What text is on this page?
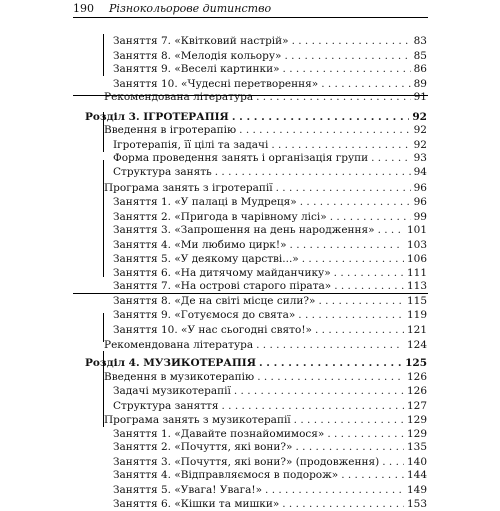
190 Різнокольорове дитинство
Заняття 7. «Квітковий настрій» . . .	83
Заняття 8. «Мелодія кольору» . . .	85
Заняття 9. «Веселі картинки» . . .	86
Заняття 10. «Чудесні перетворення» . . .	89
Рекомендована література . . .	91
Розділ 3. ІГРОТЕРАПІЯ . . .	92
Введення в ігротерапію . . .	92
Ігротерапія, її цілі та задачі . . .	92
Форма проведення занять і організація групи . . .	93
Структура занять . . .	94
Програма занять з ігротерапії . . .	96
Заняття 1. «У палаці в Мудреця» . . .	96
Заняття 2. «Пригода в чарівному лісі» . . .	99
Заняття 3. «Запрошення на день народження» . . .	101
Заняття 4. «Ми любимо цирк!» . . .	103
Заняття 5. «У деякому царстві...» . . .	106
Заняття 6. «На дитячому майданчику» . . .	111
Заняття 7. «На острові старого пірата» . . .	113
Заняття 8. «Де на світі місце сили?» . . .	115
Заняття 9. «Готуємося до свята» . . .	119
Заняття 10. «У нас сьогодні свято!» . . .	121
Рекомендована література . . .	124
Розділ 4. МУЗИКОТЕРАПІЯ . . .	125
Введення в музикотерапію . . .	126
Задачі музикотерапії . . .	126
Структура заняття . . .	127
Програма занять з музикотерапії . . .	129
Заняття 1. «Давайте познайомимося» . . .	129
Заняття 2. «Почуття, які вони?» . . .	135
Заняття 3. «Почуття, які вони?» (продовження) . . .	140
Заняття 4. «Відправляємося в подорож» . . .	144
Заняття 5. «Увага! Увага!» . . .	149
Заняття 6. «Кішки та мишки» . . .	153
